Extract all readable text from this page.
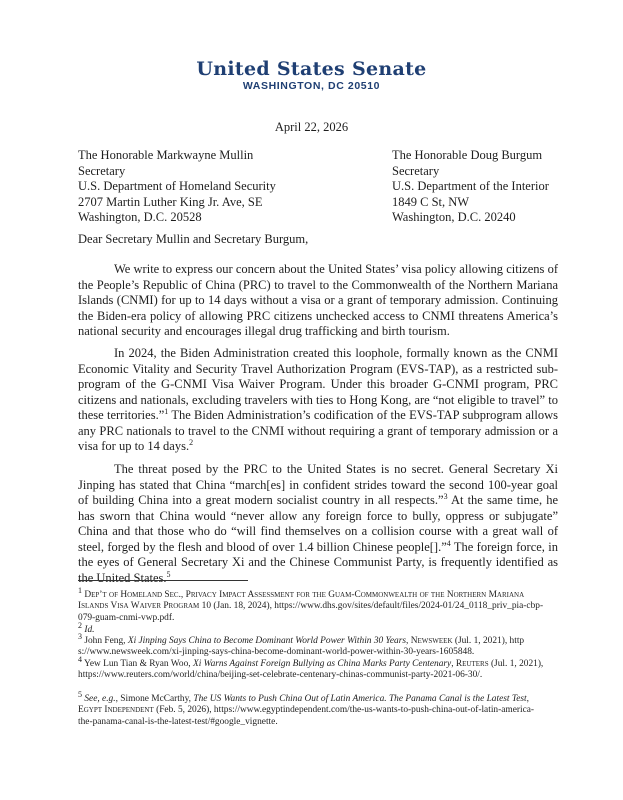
United States Senate
WASHINGTON, DC 20510
April 22, 2026
The Honorable Markwayne Mullin
Secretary
U.S. Department of Homeland Security
2707 Martin Luther King Jr. Ave, SE
Washington, D.C. 20528
The Honorable Doug Burgum
Secretary
U.S. Department of the Interior
1849 C St, NW
Washington, D.C. 20240
Dear Secretary Mullin and Secretary Burgum,
We write to express our concern about the United States’ visa policy allowing citizens of the People’s Republic of China (PRC) to travel to the Commonwealth of the Northern Mariana Islands (CNMI) for up to 14 days without a visa or a grant of temporary admission. Continuing the Biden-era policy of allowing PRC citizens unchecked access to CNMI threatens America’s national security and encourages illegal drug trafficking and birth tourism.
In 2024, the Biden Administration created this loophole, formally known as the CNMI Economic Vitality and Security Travel Authorization Program (EVS-TAP), as a restricted sub-program of the G-CNMI Visa Waiver Program. Under this broader G-CNMI program, PRC citizens and nationals, excluding travelers with ties to Hong Kong, are “not eligible to travel” to these territories.”$^1$ The Biden Administration’s codification of the EVS-TAP subprogram allows any PRC nationals to travel to the CNMI without requiring a grant of temporary admission or a visa for up to 14 days.$^2$
The threat posed by the PRC to the United States is no secret. General Secretary Xi Jinping has stated that China “march[es] in confident strides toward the second 100-year goal of building China into a great modern socialist country in all respects.”$^3$ At the same time, he has sworn that China would “never allow any foreign force to bully, oppress or subjugate” China and that those who do “will find themselves on a collision course with a great wall of steel, forged by the flesh and blood of over 1.4 billion Chinese people[].”$^4$ The foreign force, in the eyes of General Secretary Xi and the Chinese Communist Party, is frequently identified as the United States.$^5$
$^1$ Dep’t of Homeland Sec., Privacy Impact Assessment for the Guam-Commonwealth of the Northern Mariana Islands Visa Waiver Program 10 (Jan. 18, 2024), https://www.dhs.gov/sites/default/files/2024-01/24_0118_priv_pia-cbp-079-guam-cnmi-vwp.pdf.
$^2$ Id.
$^3$ John Feng, Xi Jinping Says China to Become Dominant World Power Within 30 Years, Newsweek (Jul. 1, 2021), http s://www.newsweek.com/xi-jinping-says-china-become-dominant-world-power-within-30-years-1605848.
$^4$ Yew Lun Tian & Ryan Woo, Xi Warns Against Foreign Bullying as China Marks Party Centenary, Reuters (Jul. 1, 2021), https://www.reuters.com/world/china/beijing-set-celebrate-centenary-chinas-communist-party-2021-06-30/.
$^5$ See, e.g., Simone McCarthy, The US Wants to Push China Out of Latin America. The Panama Canal is the Latest Test, Egypt Independent (Feb. 5, 2026), https://www.egyptindependent.com/the-us-wants-to-push-china-out-of-latin-america-the-panama-canal-is-the-latest-test/#google_vignette.
